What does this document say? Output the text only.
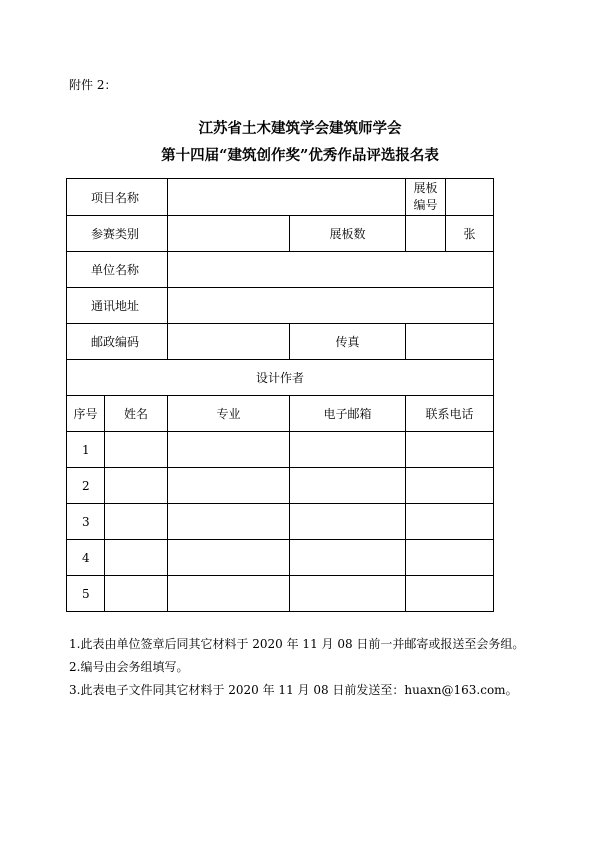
附件 2：
江苏省土木建筑学会建筑师学会
第十四届“建筑创作奖”优秀作品评选报名表
项目名称				展板
编号	

参赛类别			展板数		张
单位名称					
通讯地址					
邮政编码			传真		
设计作者					
序号	姓名	专业	电子邮箱	联系电话	
1					
2					
3					
4					
5					
1.此表由单位签章后同其它材料于 2020 年 11 月 08 日前一并邮寄或报送至会务组。
2.编号由会务组填写。
3.此表电子文件同其它材料于 2020 年 11 月 08 日前发送至：huaxn@163.com。
